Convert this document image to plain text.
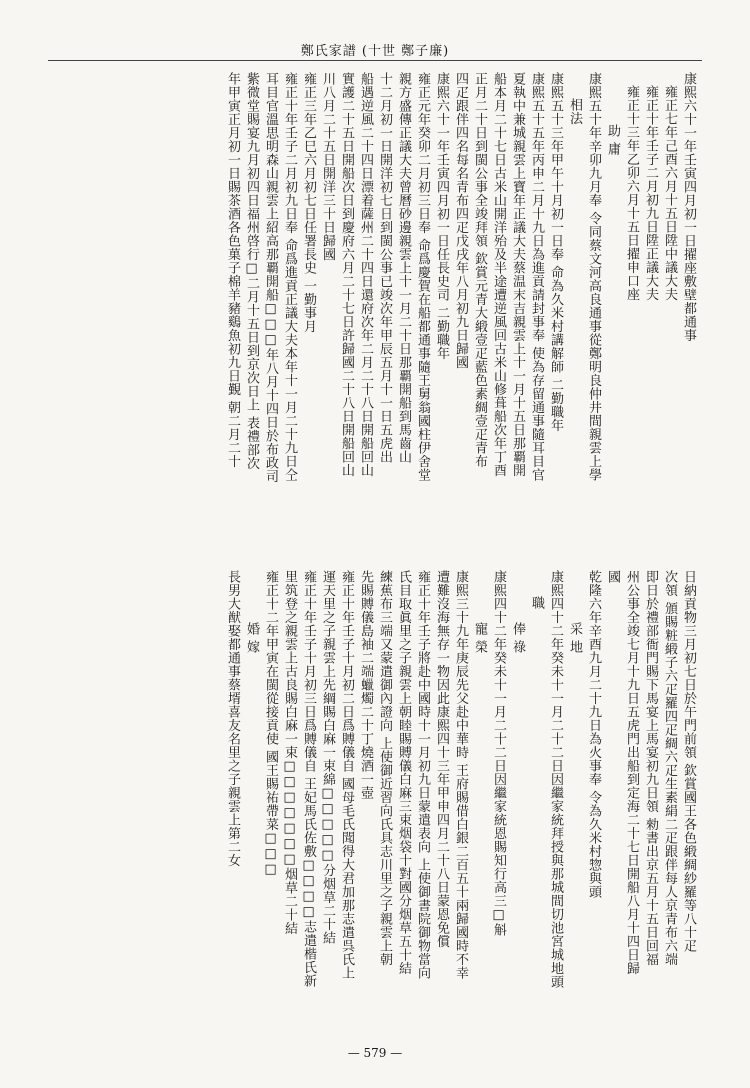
鄭氏家譜 (十世 鄭子廉)
康熙六十一年壬寅四月初一日擢座敷壁都通事
雍正七年己酉六月十五日陞中議大夫
雍正十年壬子二月初九日陞正議大夫
雍正十三年乙卯六月十五日擢申口座
助 庸
康熙五十年辛卯九月奉 令同蔡文河高良通事從鄭明良仲井間親雲上學
相法
康熙五十三年甲午十月初一日奉 命為久米村講解師 二勤職年
康熙五十五年丙申二月十九日為進貢請封事奉 使為存留通事隨耳目官
夏執中兼城親雲上寶年正議大夫蔡温末吉親雲上十一月十五日那覇開
船本月二十七日古米山開洋殆及半途遭逆風回古米山修葺船次年丁酉
正月二十日到閩公事全竣拜領 欽賞元青大緞壹疋藍色素綢壹疋青布
四疋跟伴四名每名青布四疋戊戌年八月初九日歸國
康熙六十一年壬寅四月初一日任長史司 二勤職年
雍正元年癸卯二月初三日奉 命爲慶賀在船都通事隨王舅翁國柱伊舍堂
親方盛傳正議大夫曾曆砂邊親雲上十一月二十日那覇開船到馬齒山
十二月初一日開洋初七日到閩公事已竣次年甲辰五月十一日五虎出
船遇逆風二十四日漂着薩州二十四日還府次年二月二十八日開船回山
實護二十五日開船次日到慶府六月二十七日許歸國二十八日開船回山
川八月二十五日開洋三十日歸國
雍正三年乙巳六月初七日任署長史 一勤事月
雍正十年壬子二月初九日奉 命爲進貢正議大夫本年十一月二十九日仝
耳目官溫思明森山親雲上紹高那覇開船□□□年八月十四日於布政司
紫微堂賜宴九月初四日福州啓行□二月十五日到京次日上 表禮部次
年甲寅正月初一日賜茶酒各色菓子棉羊豬鷄魚初九日覲 朝二月二十
日納貢物三月初七日於午門前領 欽賞國王各色緞綢紗羅等八十疋
次領 頒賜粧緞子六疋羅四疋綢六疋生素絹二疋跟伴每人京青布六端
即日於禮部衙門賜下馬宴上馬宴初九日領 勑書出京五月十五日回福
州公事全竣七月十九日五虎門出船到定海二十七日開船八月十四日歸
國
乾隆六年辛酉九月二十九日為火事奉 令為久米村惣與頭
采 地
康熙四十二年癸未十一月二十二日因繼家統拜授與那城間切池宮城地頭
職
俸 祿
康熙四十二年癸未十一月二十二日因繼家統恩賜知行高三□斛
寵 榮
康熙三十九年庚辰先父赴中華時 王府賜借白銀二百五十兩歸國時不幸
遭難沒海無存一物因此康熙四十三年甲申四月二十八日蒙恩免償
雍正十年壬子將赴中國時十一月初九日蒙遣表向 上使御書院御物當向
氏目取眞里之子親雲上朝睦賜賻儀白麻三束烟袋十對國分烟草五十結
練蕉布三端又蒙遣御內證向 上使御近習向氏具志川里之子親雲上朝
先賜賻儀島袖二端蠟燭二十丁燒酒一壺
雍正十年壬子十月初二日爲賻儀自 國母毛氏聞得大君加那志遣呉氏上
運天里之子親雲上先綱賜白麻一束綿□□□□□分烟草二十結
雍正十年壬子十月初三日爲賻儀自 王妃馬氏佐敷□□□□志遣楷氏新
里筑登之親雲上古良賜白麻一束□□□□□□□烟草二十結
雍正十二年甲寅在閩從接貢使 國王賜祐帶菜□□□
婚 嫁
長男大猷娶都通事蔡壻喜友名里之子親雲上第二女
— 579 —
